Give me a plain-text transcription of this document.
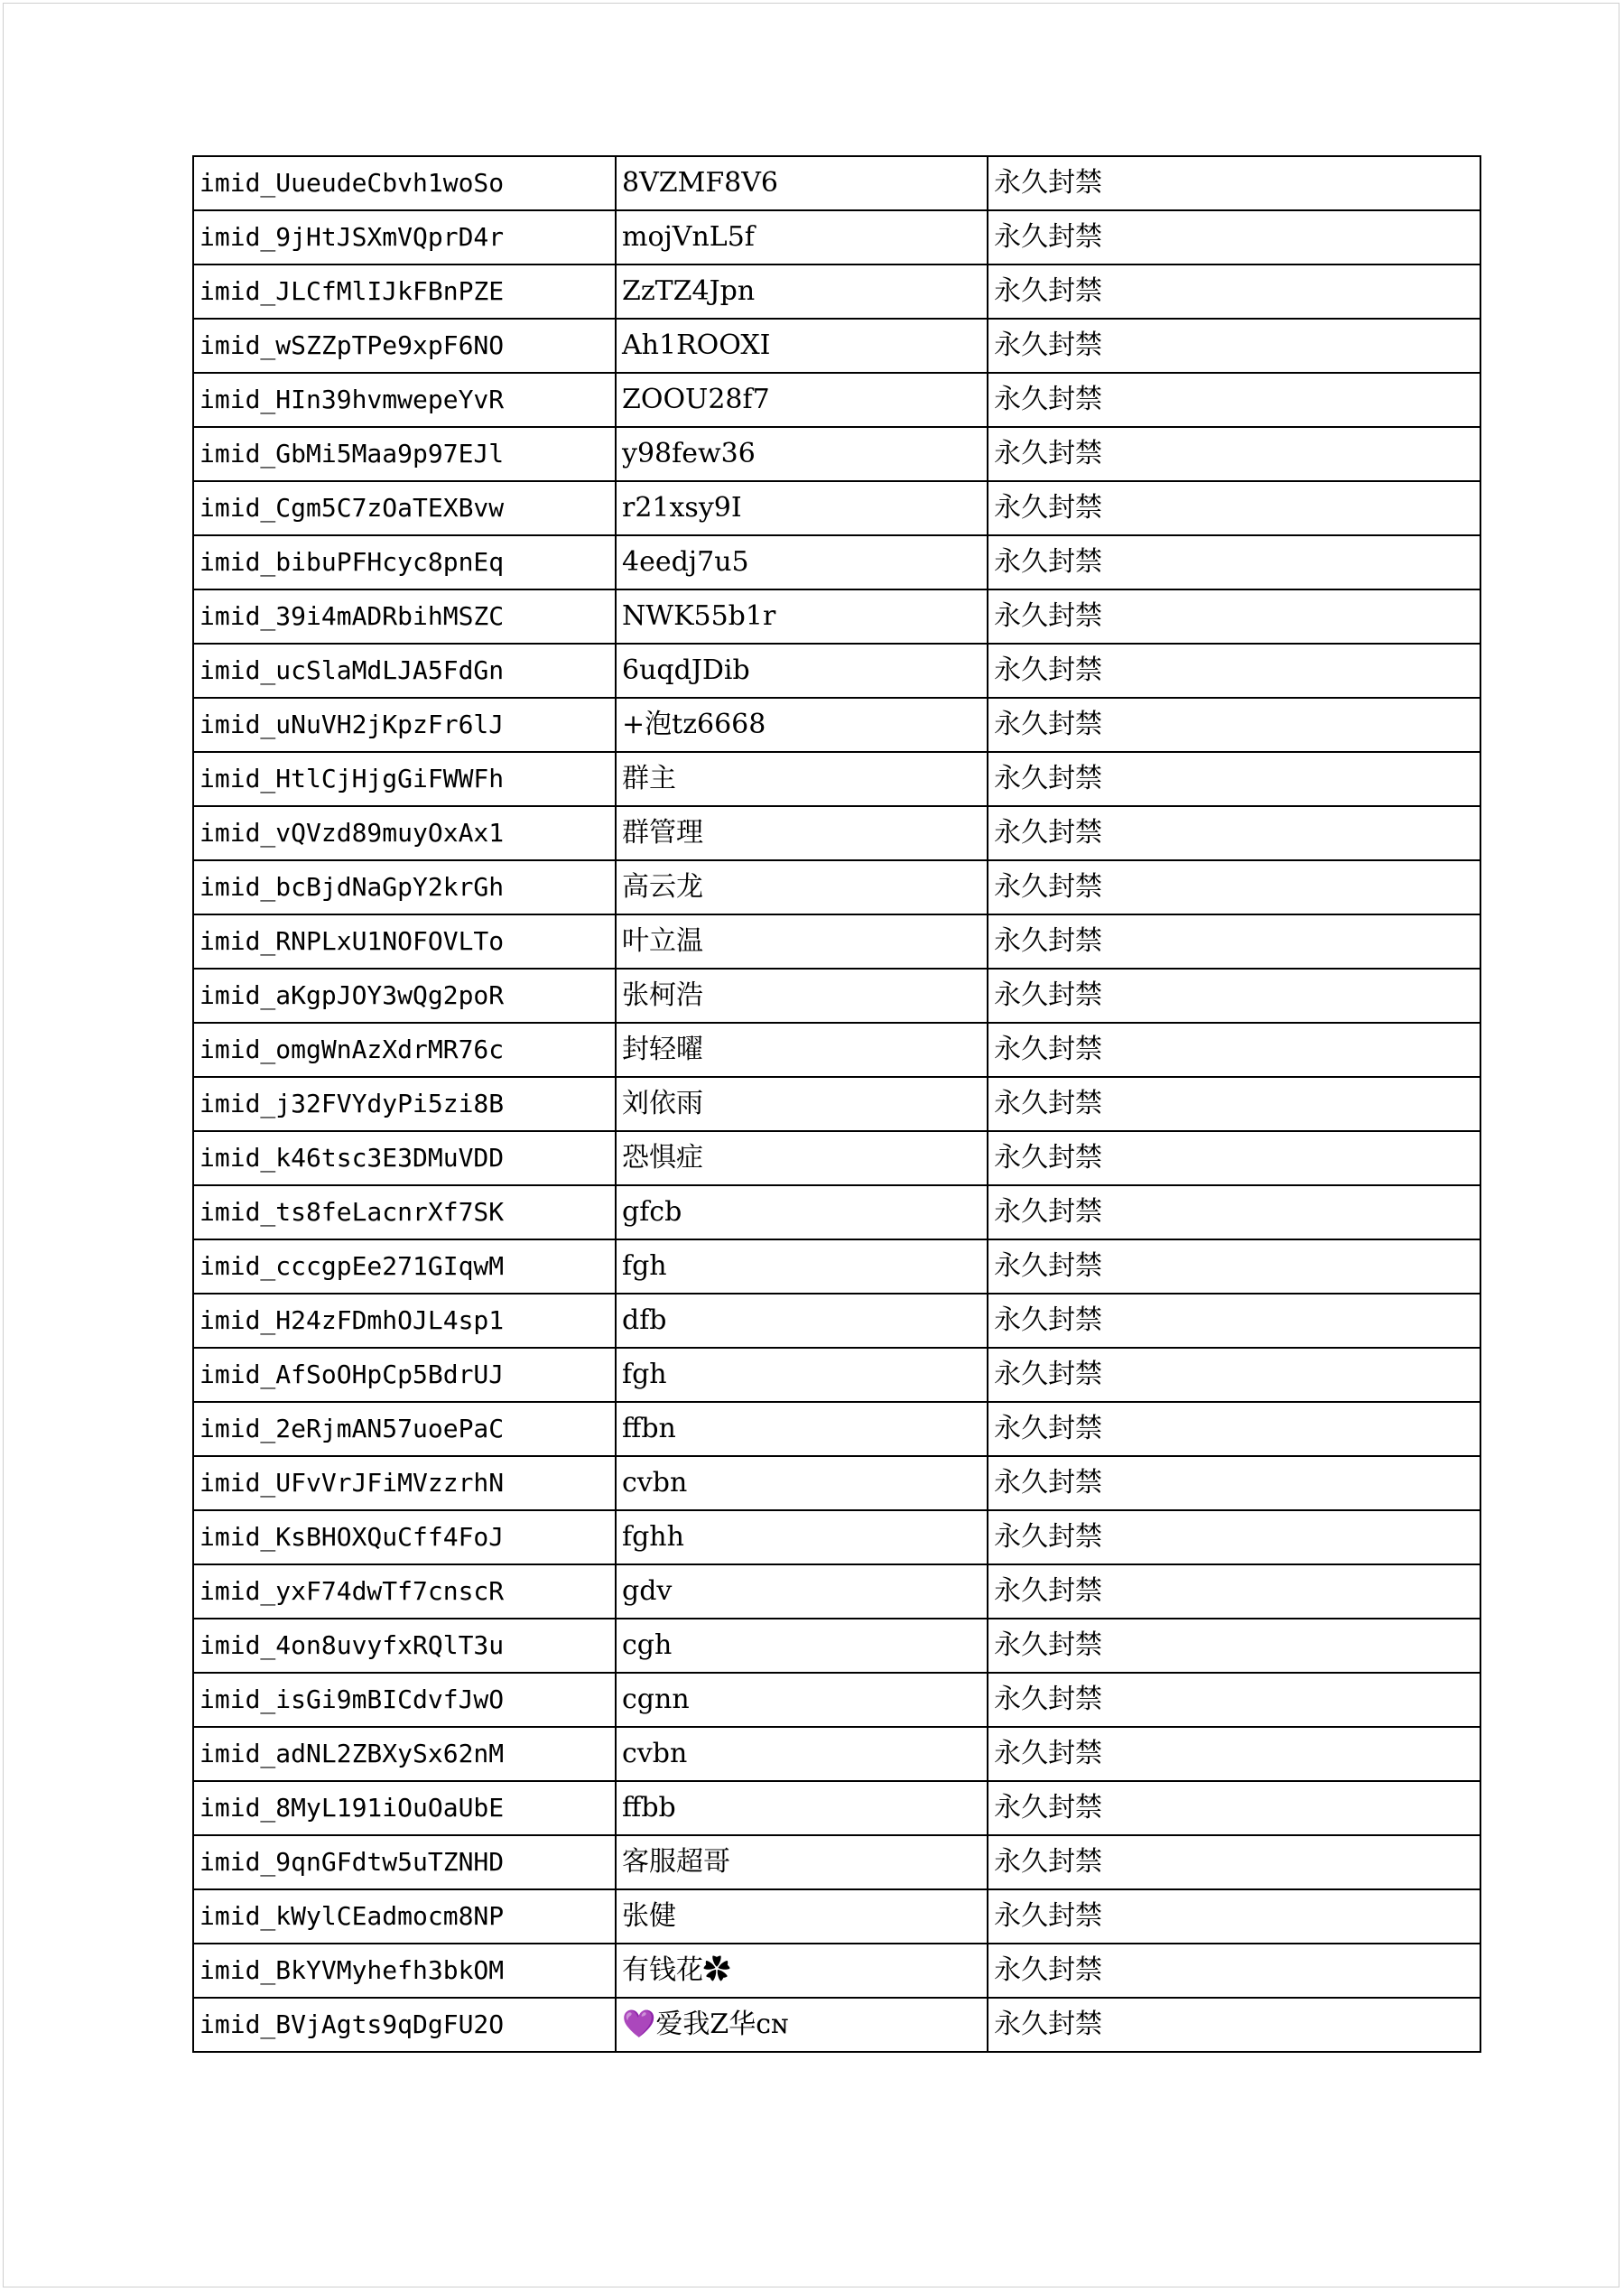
imid_UueudeCbvh1woSo	8VZMF8V6	永久封禁
imid_9jHtJSXmVQprD4r	mojVnL5f	永久封禁
imid_JLCfMlIJkFBnPZE	ZzTZ4Jpn	永久封禁
imid_wSZZpTPe9xpF6NO	Ah1ROOXI	永久封禁
imid_HIn39hvmwepeYvR	ZOOU28f7	永久封禁
imid_GbMi5Maa9p97EJl	y98few36	永久封禁
imid_Cgm5C7zOaTEXBvw	r21xsy9I	永久封禁
imid_bibuPFHcyc8pnEq	4eedj7u5	永久封禁
imid_39i4mADRbihMSZC	NWK55b1r	永久封禁
imid_ucSlaMdLJA5FdGn	6uqdJDib	永久封禁
imid_uNuVH2jKpzFr6lJ	+泡tz6668	永久封禁
imid_HtlCjHjgGiFWWFh	群主	永久封禁
imid_vQVzd89muyOxAx1	群管理	永久封禁
imid_bcBjdNaGpY2krGh	高云龙	永久封禁
imid_RNPLxU1NOFOVLTo	叶立温	永久封禁
imid_aKgpJOY3wQg2poR	张柯浩	永久封禁
imid_omgWnAzXdrMR76c	封轻曜	永久封禁
imid_j32FVYdyPi5zi8B	刘依雨	永久封禁
imid_k46tsc3E3DMuVDD	恐惧症	永久封禁
imid_ts8feLacnrXf7SK	gfcb	永久封禁
imid_cccgpEe271GIqwM	fgh	永久封禁
imid_H24zFDmhOJL4sp1	dfb	永久封禁
imid_AfSoOHpCp5BdrUJ	fgh	永久封禁
imid_2eRjmAN57uoePaC	ffbn	永久封禁
imid_UFvVrJFiMVzzrhN	cvbn	永久封禁
imid_KsBHOXQuCff4FoJ	fghh	永久封禁
imid_yxF74dwTf7cnscR	gdv	永久封禁
imid_4on8uvyfxRQlT3u	cgh	永久封禁
imid_isGi9mBICdvfJwO	cgnn	永久封禁
imid_adNL2ZBXySx62nM	cvbn	永久封禁
imid_8MyL191iOuOaUbE	ffbb	永久封禁
imid_9qnGFdtw5uTZNHD	客服超哥	永久封禁
imid_kWylCEadmocm8NP	张健	永久封禁
imid_BkYVMyhefh3bkOM	有钱花✿	永久封禁
imid_BVjAgts9qDgFU2O	💜爱我Z华ᴄɴ	永久封禁
